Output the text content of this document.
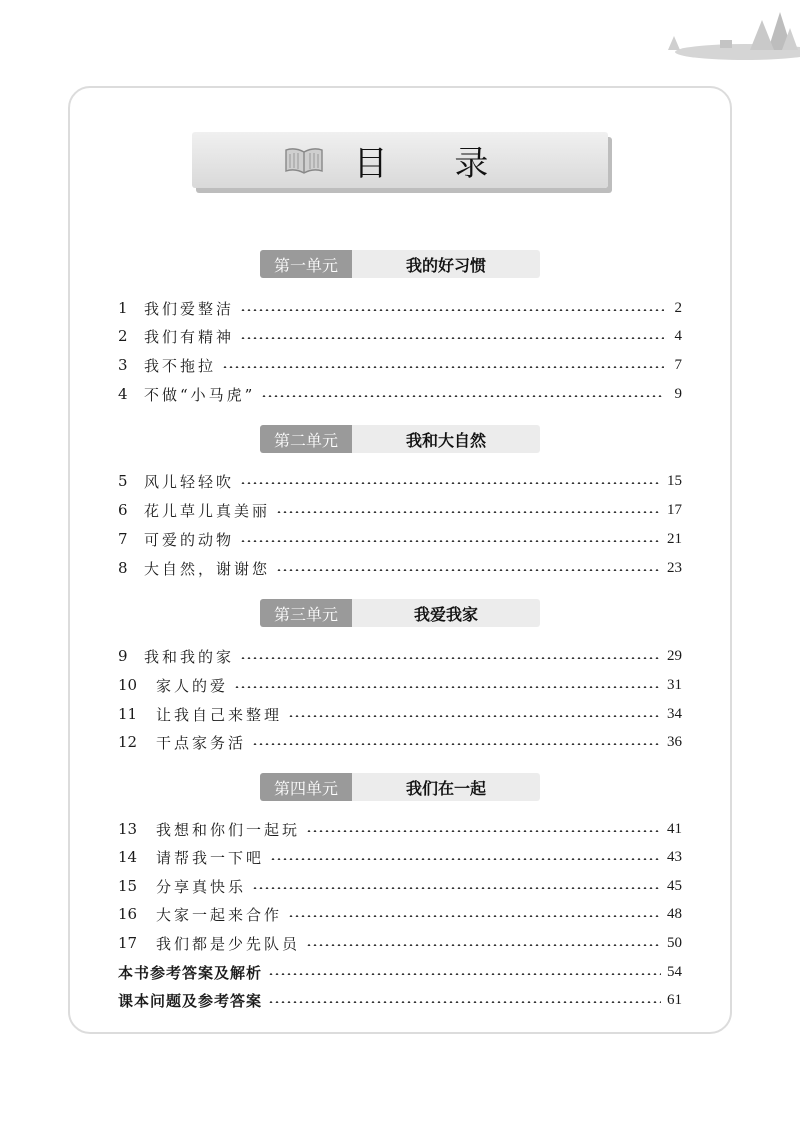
目 录
第一单元	我的好习惯
1	我们爱整洁	2
2	我们有精神	4
3	我不拖拉	7
4	不做“小马虎”	9
第二单元	我和大自然
5	风儿轻轻吹	15
6	花儿草儿真美丽	17
7	可爱的动物	21
8	大自然，谢谢您	23
第三单元	我爱我家
9	我和我的家	29
10	家人的爱	31
11	让我自己来整理	34
12	干点家务活	36
第四单元	我们在一起
13	我想和你们一起玩	41
14	请帮我一下吧	43
15	分享真快乐	45
16	大家一起来合作	48
17	我们都是少先队员	50
本书参考答案及解析	54
课本问题及参考答案	61
